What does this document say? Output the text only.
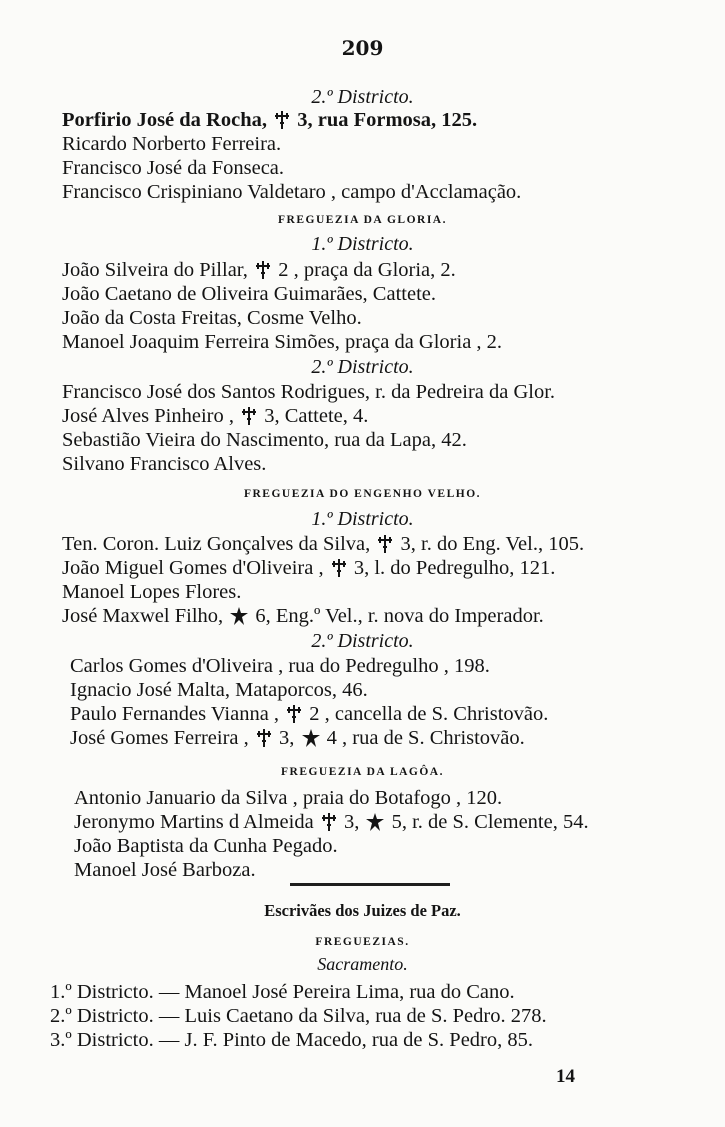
209
2.º Districto.
Porfirio José da Rocha, 3, rua Formosa, 125.
Ricardo Norberto Ferreira.
Francisco José da Fonseca.
Francisco Crispiniano Valdetaro , campo d'Acclamação.
FREGUEZIA DA GLORIA.
1.º Districto.
João Silveira do Pillar, 2 , praça da Gloria, 2.
João Caetano de Oliveira Guimarães, Cattete.
João da Costa Freitas, Cosme Velho.
Manoel Joaquim Ferreira Simões, praça da Gloria , 2.
2.º Districto.
Francisco José dos Santos Rodrigues, r. da Pedreira da Glor.
José Alves Pinheiro , 3, Cattete, 4.
Sebastião Vieira do Nascimento, rua da Lapa, 42.
Silvano Francisco Alves.
FREGUEZIA DO ENGENHO VELHO.
1.º Districto.
Ten. Coron. Luiz Gonçalves da Silva, 3, r. do Eng. Vel., 105.
João Miguel Gomes d'Oliveira , 3, l. do Pedregulho, 121.
Manoel Lopes Flores.
José Maxwel Filho, 6, Eng.º Vel., r. nova do Imperador.
2.º Districto.
Carlos Gomes d'Oliveira , rua do Pedregulho , 198.
Ignacio José Malta, Mataporcos, 46.
Paulo Fernandes Vianna , 2 , cancella de S. Christovão.
José Gomes Ferreira , 3, 4 , rua de S. Christovão.
FREGUEZIA DA LAGÔA.
Antonio Januario da Silva , praia do Botafogo , 120.
Jeronymo Martins d Almeida 3, 5, r. de S. Clemente, 54.
João Baptista da Cunha Pegado.
Manoel José Barboza.
Escrivães dos Juizes de Paz.
FREGUEZIAS.
Sacramento.
1.º Districto. — Manoel José Pereira Lima, rua do Cano.
2.º Districto. — Luis Caetano da Silva, rua de S. Pedro. 278.
3.º Districto. — J. F. Pinto de Macedo, rua de S. Pedro, 85.
14
